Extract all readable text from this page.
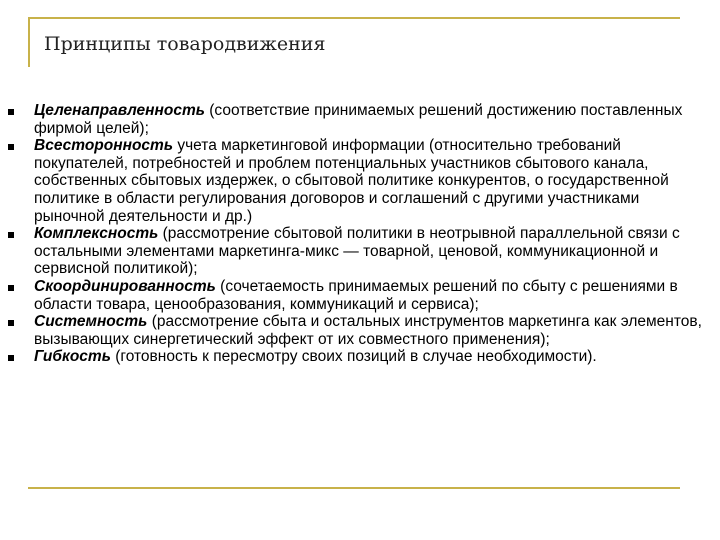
Принципы товародвижения
Целенаправленность (соответствие принимаемых решений достижению поставленных фирмой целей);
Всесторонность учета маркетинговой информации (относительно требований покупателей, потребностей и проблем потенциальных участников сбытового канала, собственных сбытовых издержек, о сбытовой политике конкурентов, о государственной политике в области регулирования договоров и соглашений с другими участниками рыночной деятельности и др.)
Комплексность (рассмотрение сбытовой политики в неотрывной параллельной связи с остальными элементами маркетинга-микс — товарной, ценовой, коммуникационной и сервисной политикой);
Скоординированность (сочетаемость принимаемых решений по сбыту с решениями в области товара, ценообразования, коммуникаций и сервиса);
Системность (рассмотрение сбыта и остальных инструментов маркетинга как элементов, вызывающих синергетический эффект от их совместного применения);
Гибкость (готовность к пересмотру своих позиций в случае необходимости).
